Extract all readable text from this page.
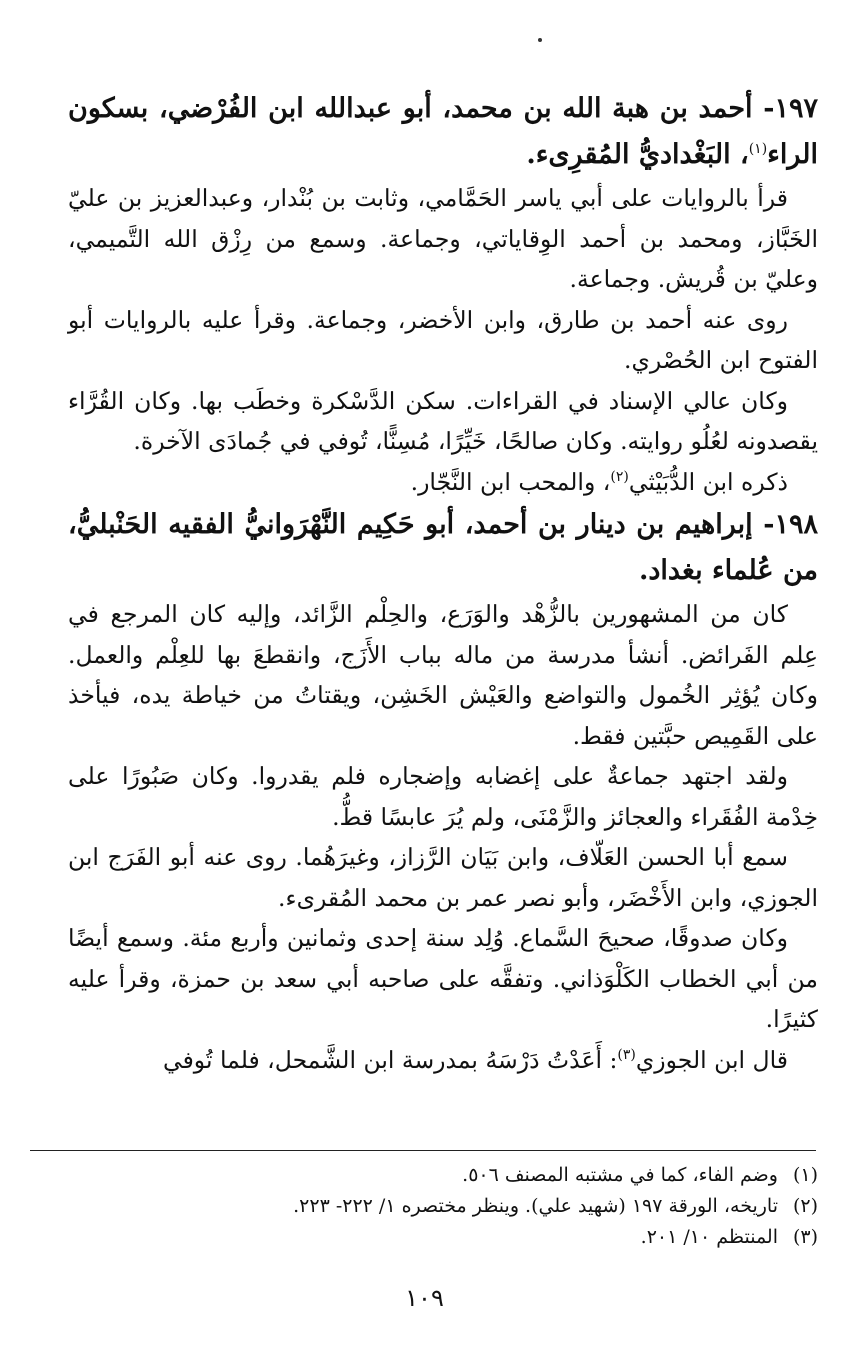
١٩٧- أحمد بن هبة الله بن محمد، أبو عبدالله ابن الفُرْضي، بسكون الراء$^{(١)}$، البَغْداديُّ المُقرِىء.

قرأ بالروايات على أبي ياسر الحَمَّامي، وثابت بن بُنْدار، وعبدالعزيز بن عليّ الخَبَّاز، ومحمد بن أحمد الوِقاياتي، وجماعة. وسمع من رِزْق الله التَّميمي، وعليّ بن قُريش. وجماعة.

روى عنه أحمد بن طارق، وابن الأخضر، وجماعة. وقرأ عليه بالروايات أبو الفتوح ابن الحُصْري.

وكان عالي الإسناد في القراءات. سكن الدَّسْكرة وخطَب بها. وكان القُرَّاء يقصدونه لعُلُو روايته. وكان صالحًا، خَيِّرًا، مُسِنًّا، تُوفي في جُمادَى الآخرة.

ذكره ابن الدُّبَيْثي$^{(٢)}$، والمحب ابن النَّجّار.

١٩٨- إبراهيم بن دينار بن أحمد، أبو حَكِيم النَّهْرَوانيُّ الفقيه الحَنْبليُّ، من عُلماء بغداد.

كان من المشهورين بالزُّهْد والوَرَع، والحِلْم الزَّائد، وإليه كان المرجع في عِلم الفَرائض. أنشأ مدرسة من ماله بباب الأَزَج، وانقطعَ بها للعِلْم والعمل. وكان يُؤثِر الخُمول والتواضع والعَيْش الخَشِن، ويقتاتُ من خياطة يده، فيأخذ على القَمِيص حبَّتين فقط.

ولقد اجتهد جماعةٌ على إغضابه وإضجاره فلم يقدروا. وكان صَبُورًا على خِدْمة الفُقَراء والعجائز والزَّمْنَى، ولم يُرَ عابسًا قطُّ.

سمع أبا الحسن العَلّاف، وابن بَيَان الرَّزاز، وغيرَهُما. روى عنه أبو الفَرَج ابن الجوزي، وابن الأَخْضَر، وأبو نصر عمر بن محمد المُقرىء.

وكان صدوقًا، صحيحَ السَّماع. وُلِد سنة إحدى وثمانين وأربع مئة. وسمع أيضًا من أبي الخطاب الكَلْوَذاني. وتفقَّه على صاحبه أبي سعد بن حمزة، وقرأ عليه كثيرًا.

قال ابن الجوزي$^{(٣)}$: أَعَدْتُ دَرْسَهُ بمدرسة ابن الشَّمحل، فلما تُوفي

(١)وضم الفاء، كما في مشتبه المصنف ٥٠٦.

(٢)تاريخه، الورقة ١٩٧ (شهيد علي). وينظر مختصره ١/ ٢٢٢- ٢٢٣.

(٣)المنتظم ١٠/ ٢٠١.

١٠٩
